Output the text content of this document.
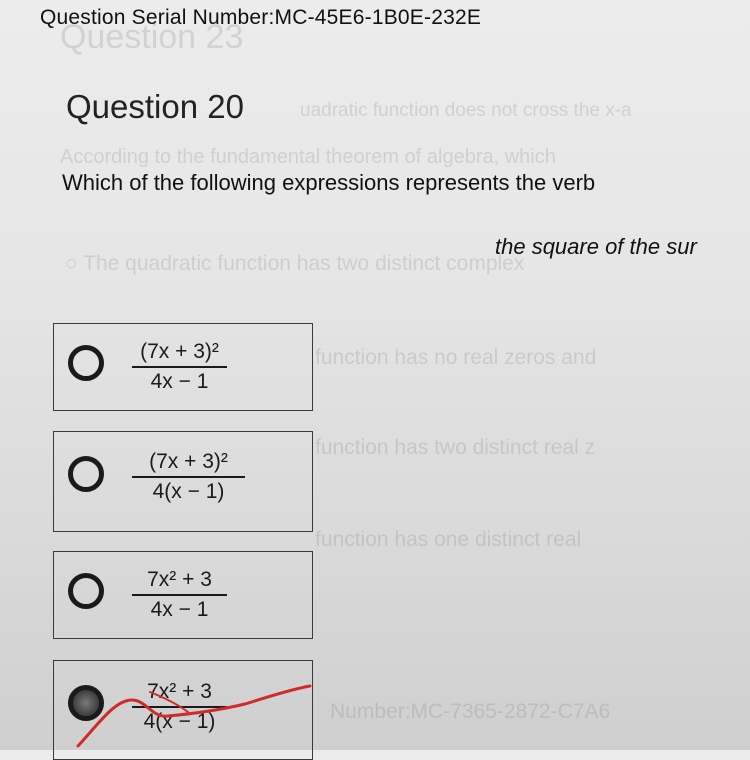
Question 23
uadratic function does not cross the x-a
According to the fundamental theorem of algebra, which
○ The quadratic function has two distinct complex
function has no real zeros and
function has two distinct real z
function has one distinct real
Number:MC-7365-2872-C7A6
Question Serial Number:MC-45E6-1B0E-232E
Question 20
Which of the following expressions represents the verb
the square of the sur
(7x + 3)²
4x − 1
(7x + 3)²
4(x − 1)
7x² + 3
4x − 1
7x² + 3
4(x − 1)
